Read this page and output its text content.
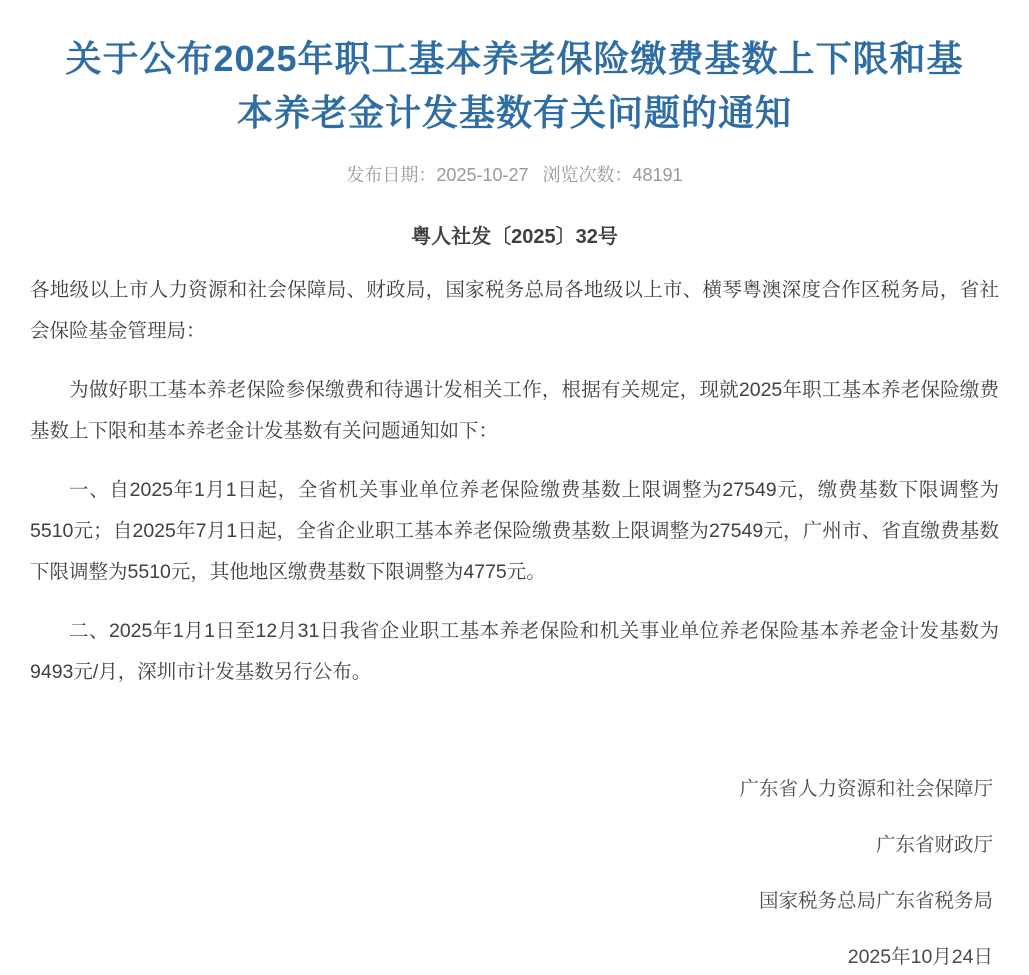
关于公布2025年职工基本养老保险缴费基数上下限和基本养老金计发基数有关问题的通知
发布日期：2025-10-27 浏览次数：48191

粤人社发〔2025〕32号

各地级以上市人力资源和社会保障局、财政局，国家税务总局各地级以上市、横琴粤澳深度合作区税务局，省社会保险基金管理局：

为做好职工基本养老保险参保缴费和待遇计发相关工作，根据有关规定，现就2025年职工基本养老保险缴费基数上下限和基本养老金计发基数有关问题通知如下：

一、自2025年1月1日起，全省机关事业单位养老保险缴费基数上限调整为27549元，缴费基数下限调整为5510元；自2025年7月1日起，全省企业职工基本养老保险缴费基数上限调整为27549元，广州市、省直缴费基数下限调整为5510元，其他地区缴费基数下限调整为4775元。

二、2025年1月1日至12月31日我省企业职工基本养老保险和机关事业单位养老保险基本养老金计发基数为9493元/月，深圳市计发基数另行公布。

广东省人力资源和社会保障厅

广东省财政厅

国家税务总局广东省税务局

2025年10月24日
